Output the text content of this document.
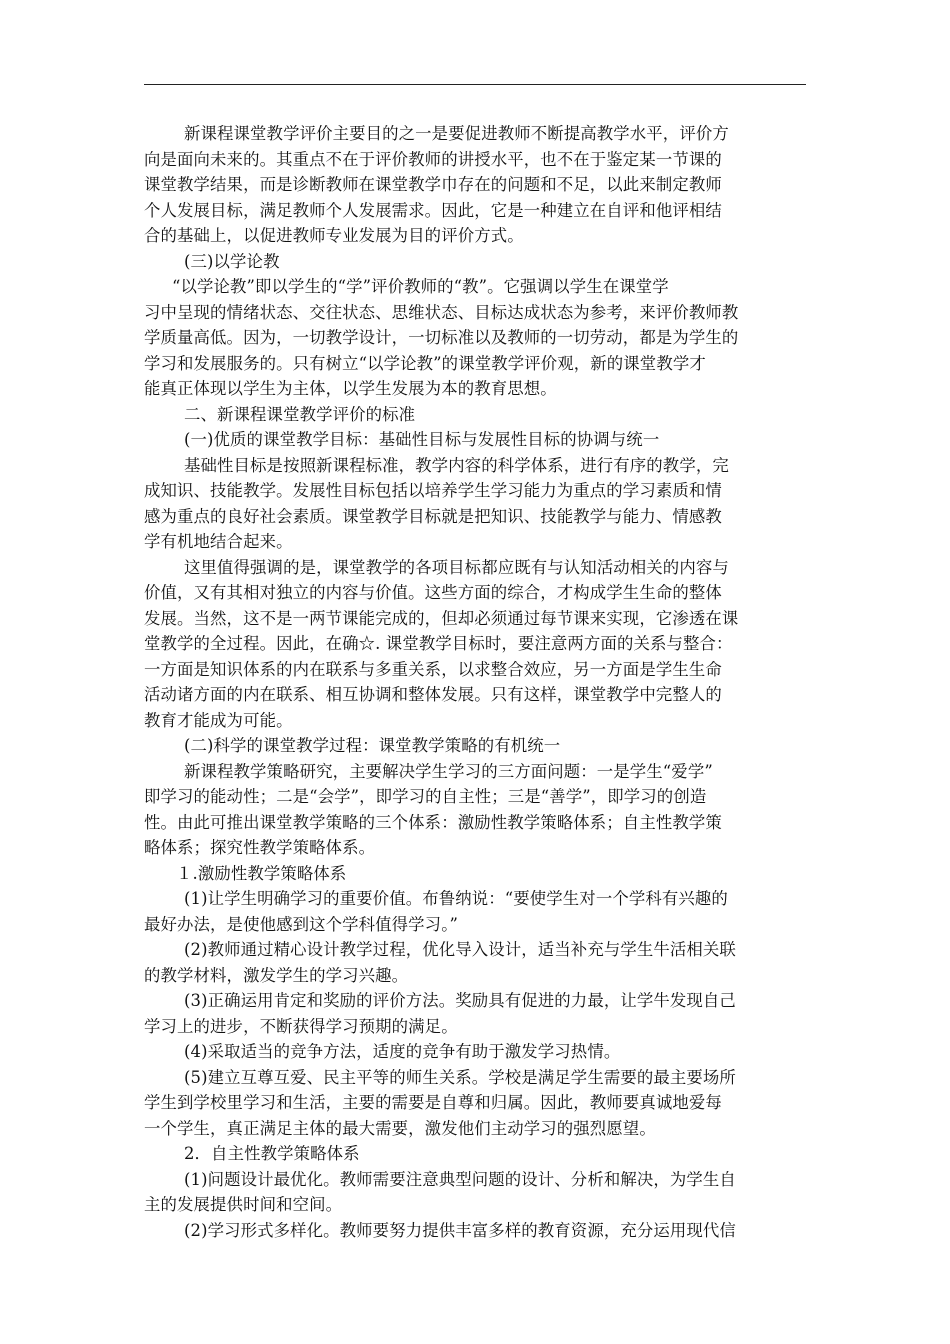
新课程课堂教学评价主要目的之一是要促进教师不断提高教学水平，评价方
向是面向未来的。其重点不在于评价教师的讲授水平，也不在于鉴定某一节课的
课堂教学结果，而是诊断教师在课堂教学巾存在的问题和不足，以此来制定教师
个人发展目标，满足教师个人发展需求。因此，它是一种建立在自评和他评相结
合的基础上，以促进教师专业发展为目的评价方式。
(三)以学论教
“以学论教”即以学生的“学”评价教师的“教”。它强调以学生在课堂学
习中呈现的情绪状态、交往状态、思维状态、目标达成状态为参考，来评价教师教
学质量高低。因为，一切教学设计，一切标准以及教师的一切劳动，都是为学生的
学习和发展服务的。只有树立“以学论教”的课堂教学评价观，新的课堂教学才
能真正体现以学生为主体，以学生发展为本的教育思想。
二、新课程课堂教学评价的标准
(一)优质的课堂教学目标：基础性目标与发展性目标的协调与统一
基础性目标是按照新课程标准，教学内容的科学体系，进行有序的教学，完
成知识、技能教学。发展性目标包括以培养学生学习能力为重点的学习素质和情
感为重点的良好社会素质。课堂教学目标就是把知识、技能教学与能力、情感教
学有机地结合起来。
这里值得强调的是，课堂教学的各项目标都应既有与认知活动相关的内容与
价值，又有其相对独立的内容与价值。这些方面的综合，才构成学生生命的整体
发展。当然，这不是一两节课能完成的，但却必须通过每节课来实现，它渗透在课
堂教学的全过程。因此，在确☆. 课堂教学目标时，要注意两方面的关系与整合：
一方面是知识体系的内在联系与多重关系，以求整合效应，另一方面是学生生命
活动诸方面的内在联系、相互协调和整体发展。只有这样，课堂教学中完整人的
教育才能成为可能。
(二)科学的课堂教学过程：课堂教学策略的有机统一
新课程教学策略研究，主要解决学生学习的三方面问题：一是学生“爱学”
即学习的能动性；二是“会学”，即学习的自主性；三是“善学”，即学习的创造
性。由此可推出课堂教学策略的三个体系：激励性教学策略体系；自主性教学策
略体系；探究性教学策略体系。
１.激励性教学策略体系
(1)让学生明确学习的重要价值。布鲁纳说：“要使学生对一个学科有兴趣的
最好办法，是使他感到这个学科值得学习。”
(2)教师通过精心设计教学过程，优化导入设计，适当补充与学生牛活相关联
的教学材料，激发学生的学习兴趣。
(3)正确运用肯定和奖励的评价方法。奖励具有促进的力最，让学牛发现自己
学习上的进步，不断获得学习预期的满足。
(4)采取适当的竞争方法，适度的竞争有助于激发学习热情。
(5)建立互尊互爱、民主平等的师生关系。学校是满足学生需要的最主要场所
学生到学校里学习和生活，主要的需要是自尊和归属。因此，教师要真诚地爱每
一个学生，真正满足主体的最大需要，激发他们主动学习的强烈愿望。
2．自主性教学策略体系
(1)问题设计最优化。教师需要注意典型问题的设计、分析和解决，为学生自
主的发展提供时间和空间。
(2)学习形式多样化。教师要努力提供丰富多样的教育资源，充分运用现代信
